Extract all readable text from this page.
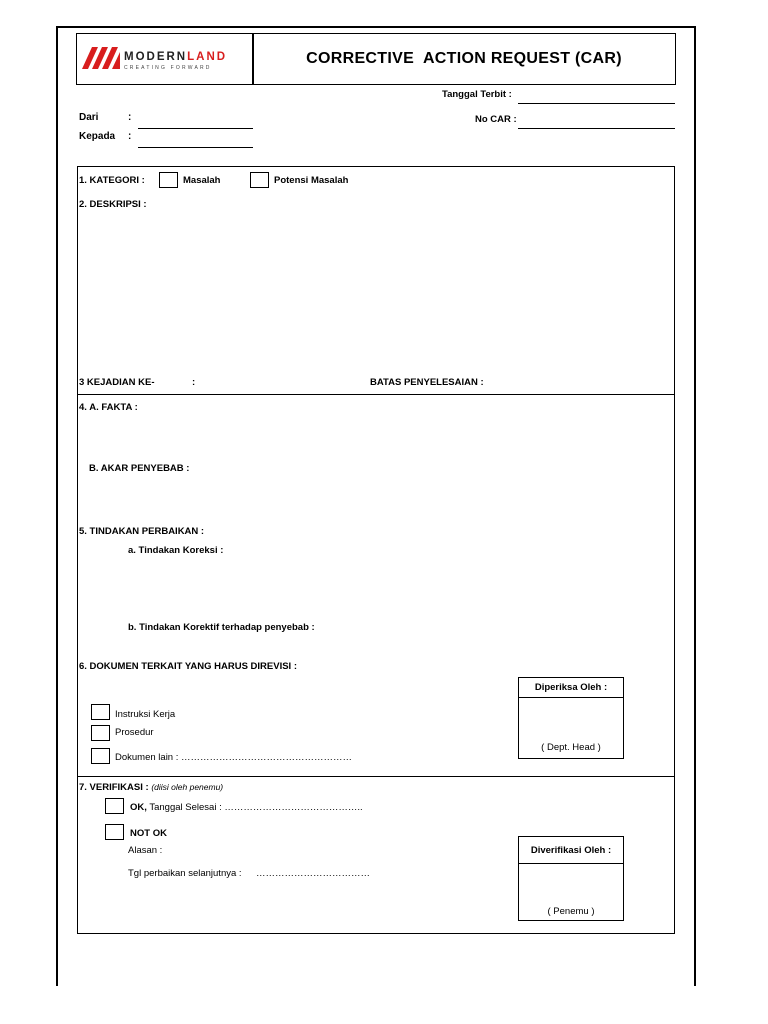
MODERNLAND
CREATING FORWARD
CORRECTIVE  ACTION REQUEST (CAR)
Tanggal Terbit :
No CAR :
Dari	:
Kepada :
1. KATEGORI :	Masalah	Potensi Masalah
2. DESKRIPSI :
3 KEJADIAN KE-	:	BATAS PENYELESAIAN :
4. A. FAKTA :
B. AKAR PENYEBAB :
5. TINDAKAN PERBAIKAN :
a. Tindakan Koreksi :
b. Tindakan Korektif terhadap penyebab :
6. DOKUMEN TERKAIT YANG HARUS DIREVISI :
Instruksi Kerja
Prosedur
Dokumen lain : ………………………………………………
Diperiksa Oleh :
( Dept. Head )
7. VERIFIKASI : (diisi oleh penemu)
OK, Tanggal Selesai : ……………………………………..
NOT OK
Alasan :
Tgl perbaikan selanjutnya : ………………………………
Diverifikasi Oleh :
( Penemu )
